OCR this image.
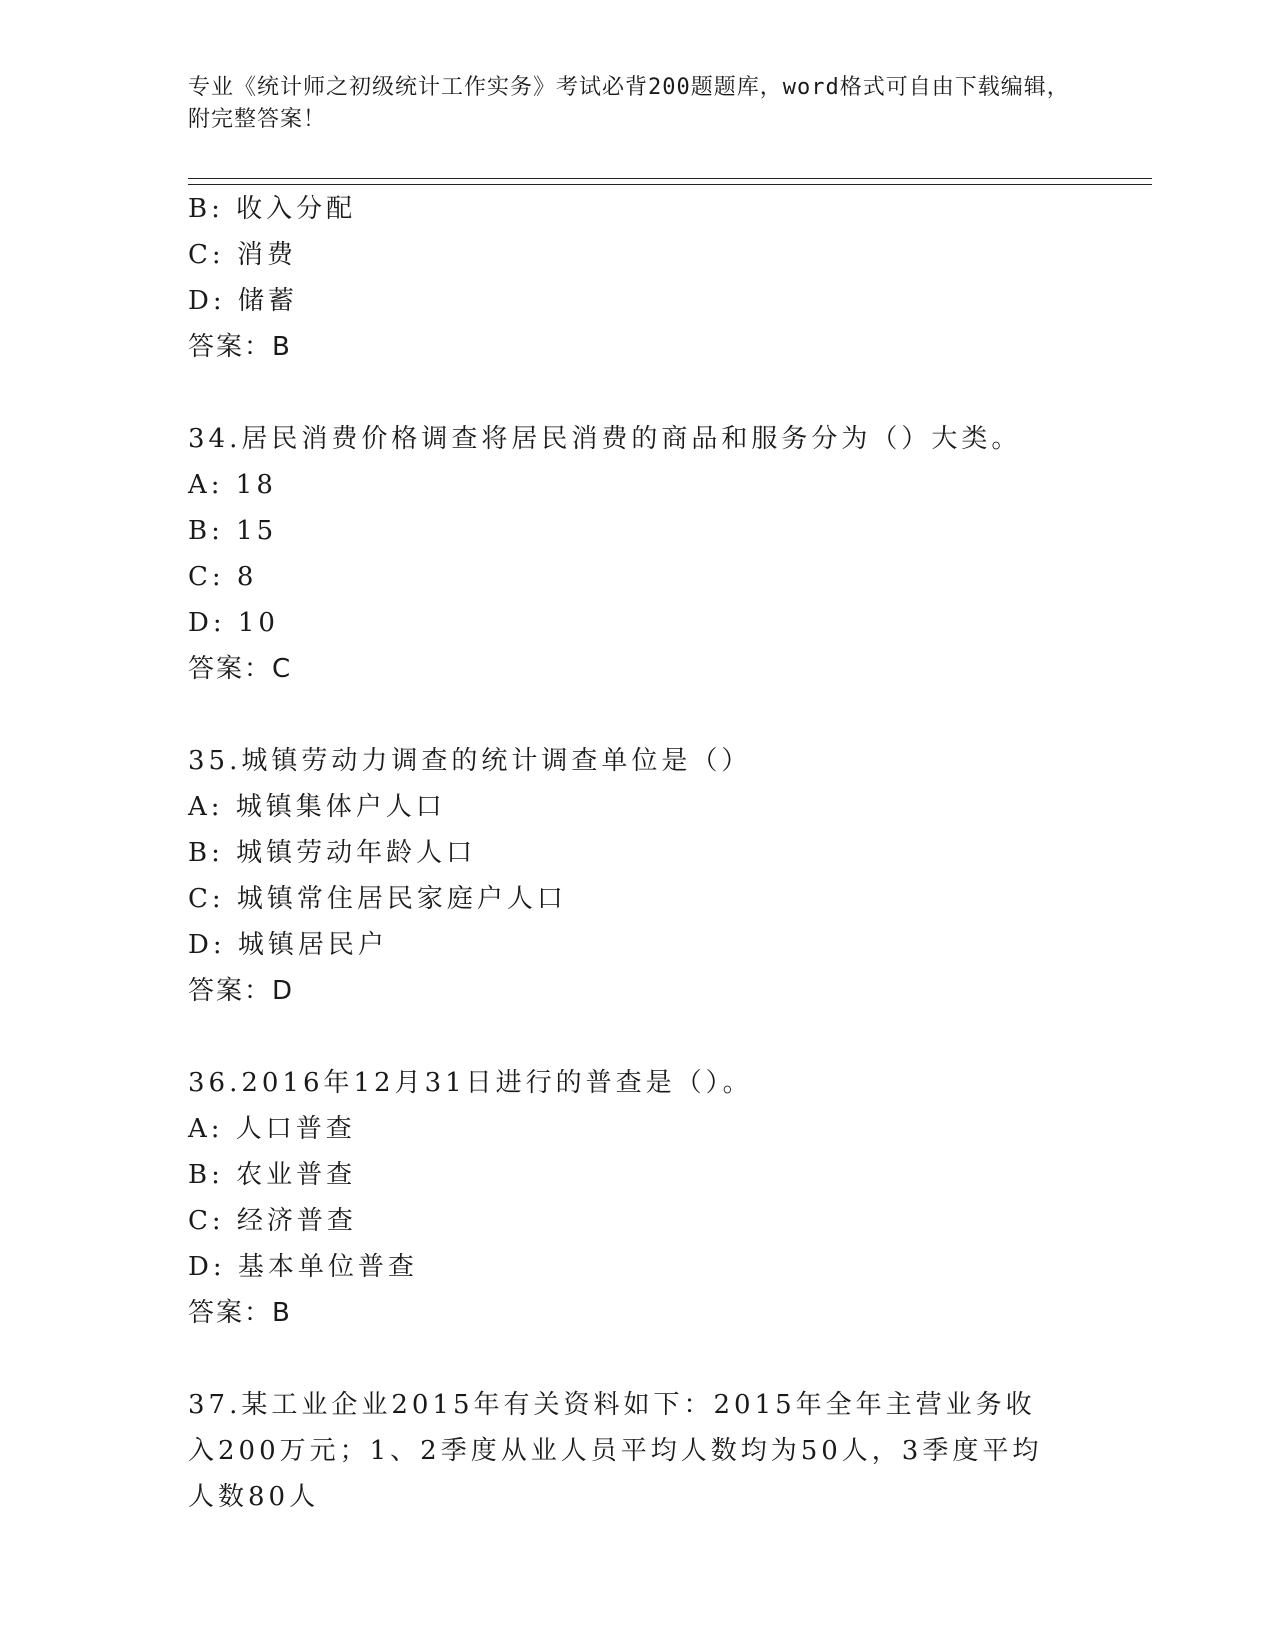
专业《统计师之初级统计工作实务》考试必背200题题库，word格式可自由下载编辑，附完整答案！
B: 收入分配
C: 消费
D: 储蓄
答案：B
34.居民消费价格调查将居民消费的商品和服务分为（）大类。
A: 18
B: 15
C: 8
D: 10
答案：C
35.城镇劳动力调查的统计调查单位是（）
A: 城镇集体户人口
B: 城镇劳动年龄人口
C: 城镇常住居民家庭户人口
D: 城镇居民户
答案：D
36.2016年12月31日进行的普查是（）。
A: 人口普查
B: 农业普查
C: 经济普查
D: 基本单位普查
答案：B
37.某工业企业2015年有关资料如下：2015年全年主营业务收入200万元；1、2季度从业人员平均人数均为50人，3季度平均人数80人
